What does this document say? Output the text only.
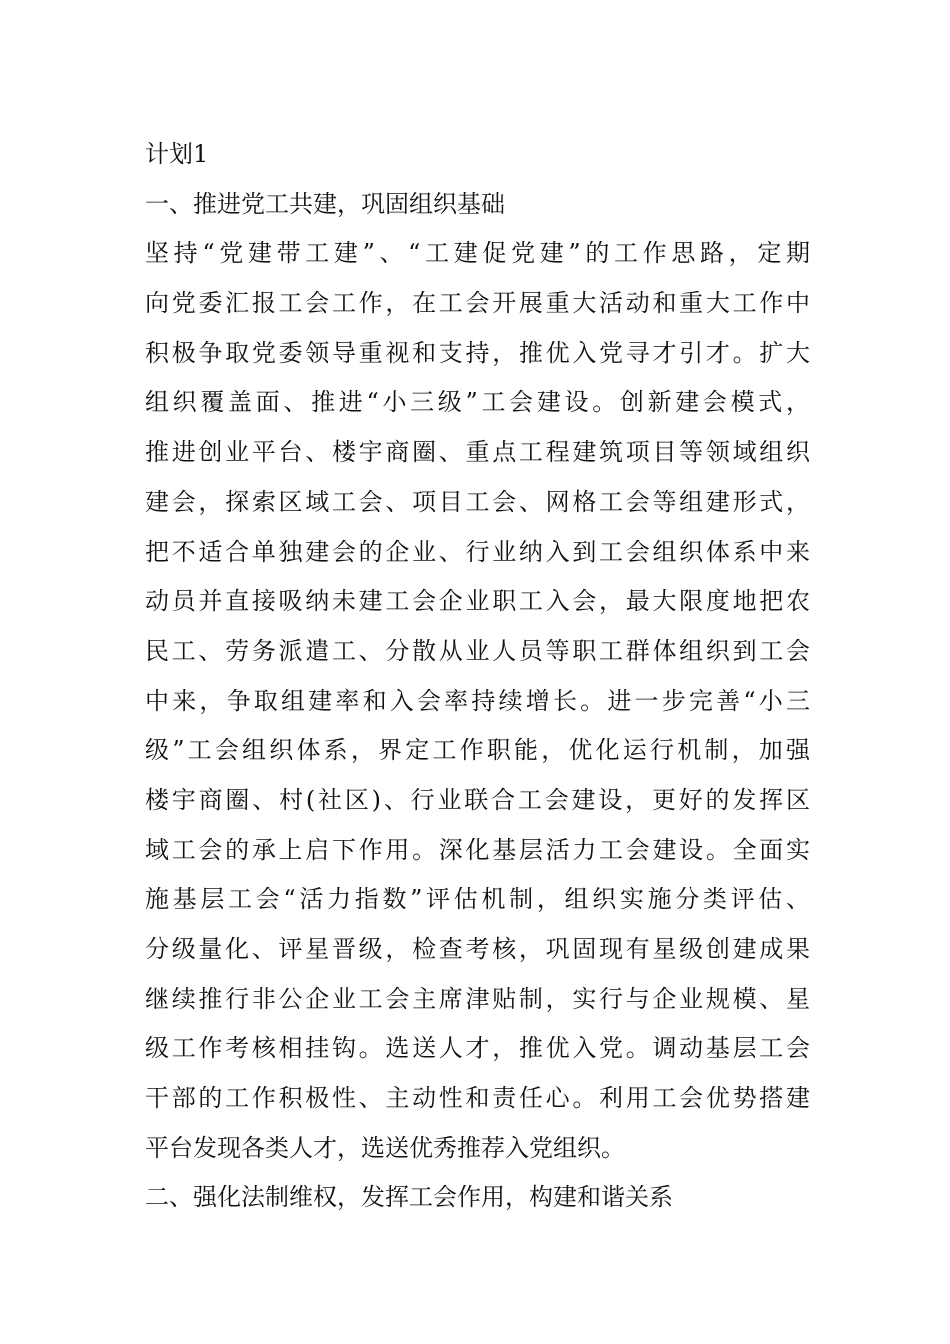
计划1
一、推进党工共建，巩固组织基础
坚持“党建带工建”、“工建促党建”的工作思路，定期
向党委汇报工会工作，在工会开展重大活动和重大工作中
积极争取党委领导重视和支持，推优入党寻才引才。扩大
组织覆盖面、推进“小三级”工会建设。创新建会模式，
推进创业平台、楼宇商圈、重点工程建筑项目等领域组织
建会，探索区域工会、项目工会、网格工会等组建形式，
把不适合单独建会的企业、行业纳入到工会组织体系中来
动员并直接吸纳未建工会企业职工入会，最大限度地把农
民工、劳务派遣工、分散从业人员等职工群体组织到工会
中来，争取组建率和入会率持续增长。进一步完善“小三
级”工会组织体系，界定工作职能，优化运行机制，加强
楼宇商圈、村(社区)、行业联合工会建设，更好的发挥区
域工会的承上启下作用。深化基层活力工会建设。全面实
施基层工会“活力指数”评估机制，组织实施分类评估、
分级量化、评星晋级，检查考核，巩固现有星级创建成果
继续推行非公企业工会主席津贴制，实行与企业规模、星
级工作考核相挂钩。选送人才，推优入党。调动基层工会
干部的工作积极性、主动性和责任心。利用工会优势搭建
平台发现各类人才，选送优秀推荐入党组织。
二、强化法制维权，发挥工会作用，构建和谐关系
